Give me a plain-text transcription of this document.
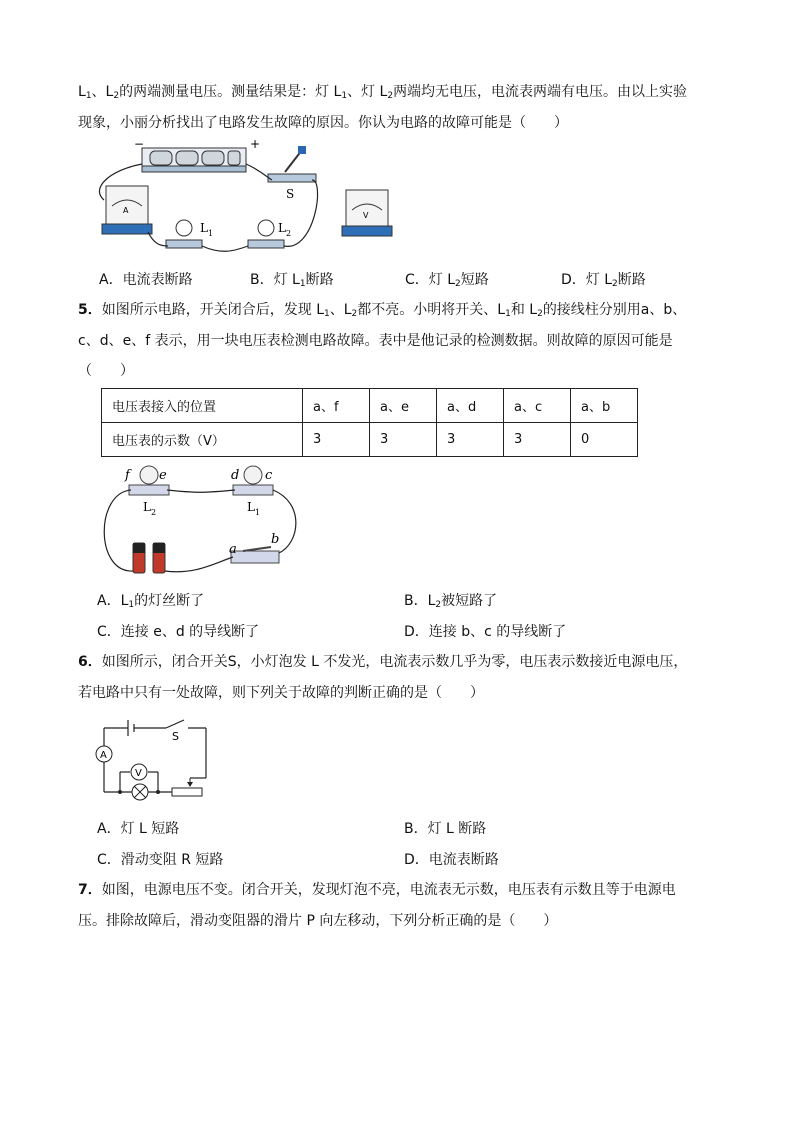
$L_1$、$L_2$的两端测量电压。测量结果是：灯 $L_1$、灯 $L_2$两端均无电压，电流表两端有电压。由以上实验
现象，小丽分析找出了电路发生故障的原因。你认为电路的故障可能是（　　）
−	+
S
A
V
L 1	L 2
A．电流表断路	B．灯 $L_1$断路	C．灯 $L_2$短路	D．灯 $L_2$断路
5．如图所示电路，开关闭合后，发现 $L_1$、$L_2$都不亮。小明将开关、$L_1$和 $L_2$的接线柱分别用a、b、
c、d、e、f 表示，用一块电压表检测电路故障。表中是他记录的检测数据。则故障的原因可能是
（　　）
电压表接入的位置	a、f	a、e	a、d	a、c	a、b
电压表的示数（V）	3	3	3	3	0
f e	d c
L 2	L 1
a
b
A．$L_1$的灯丝断了	B．$L_2$被短路了
C．连接 e、d 的导线断了	D．连接 b、c 的导线断了
6．如图所示，闭合开关S，小灯泡发 L 不发光，电流表示数几乎为零，电压表示数接近电源电压，
若电路中只有一处故障，则下列关于故障的判断正确的是（　　）
A
V
S
A．灯 L 短路	B．灯 L 断路
C．滑动变阻 R 短路	D．电流表断路
7．如图，电源电压不变。闭合开关，发现灯泡不亮，电流表无示数，电压表有示数且等于电源电
压。排除故障后，滑动变阻器的滑片 P 向左移动，下列分析正确的是（　　）
